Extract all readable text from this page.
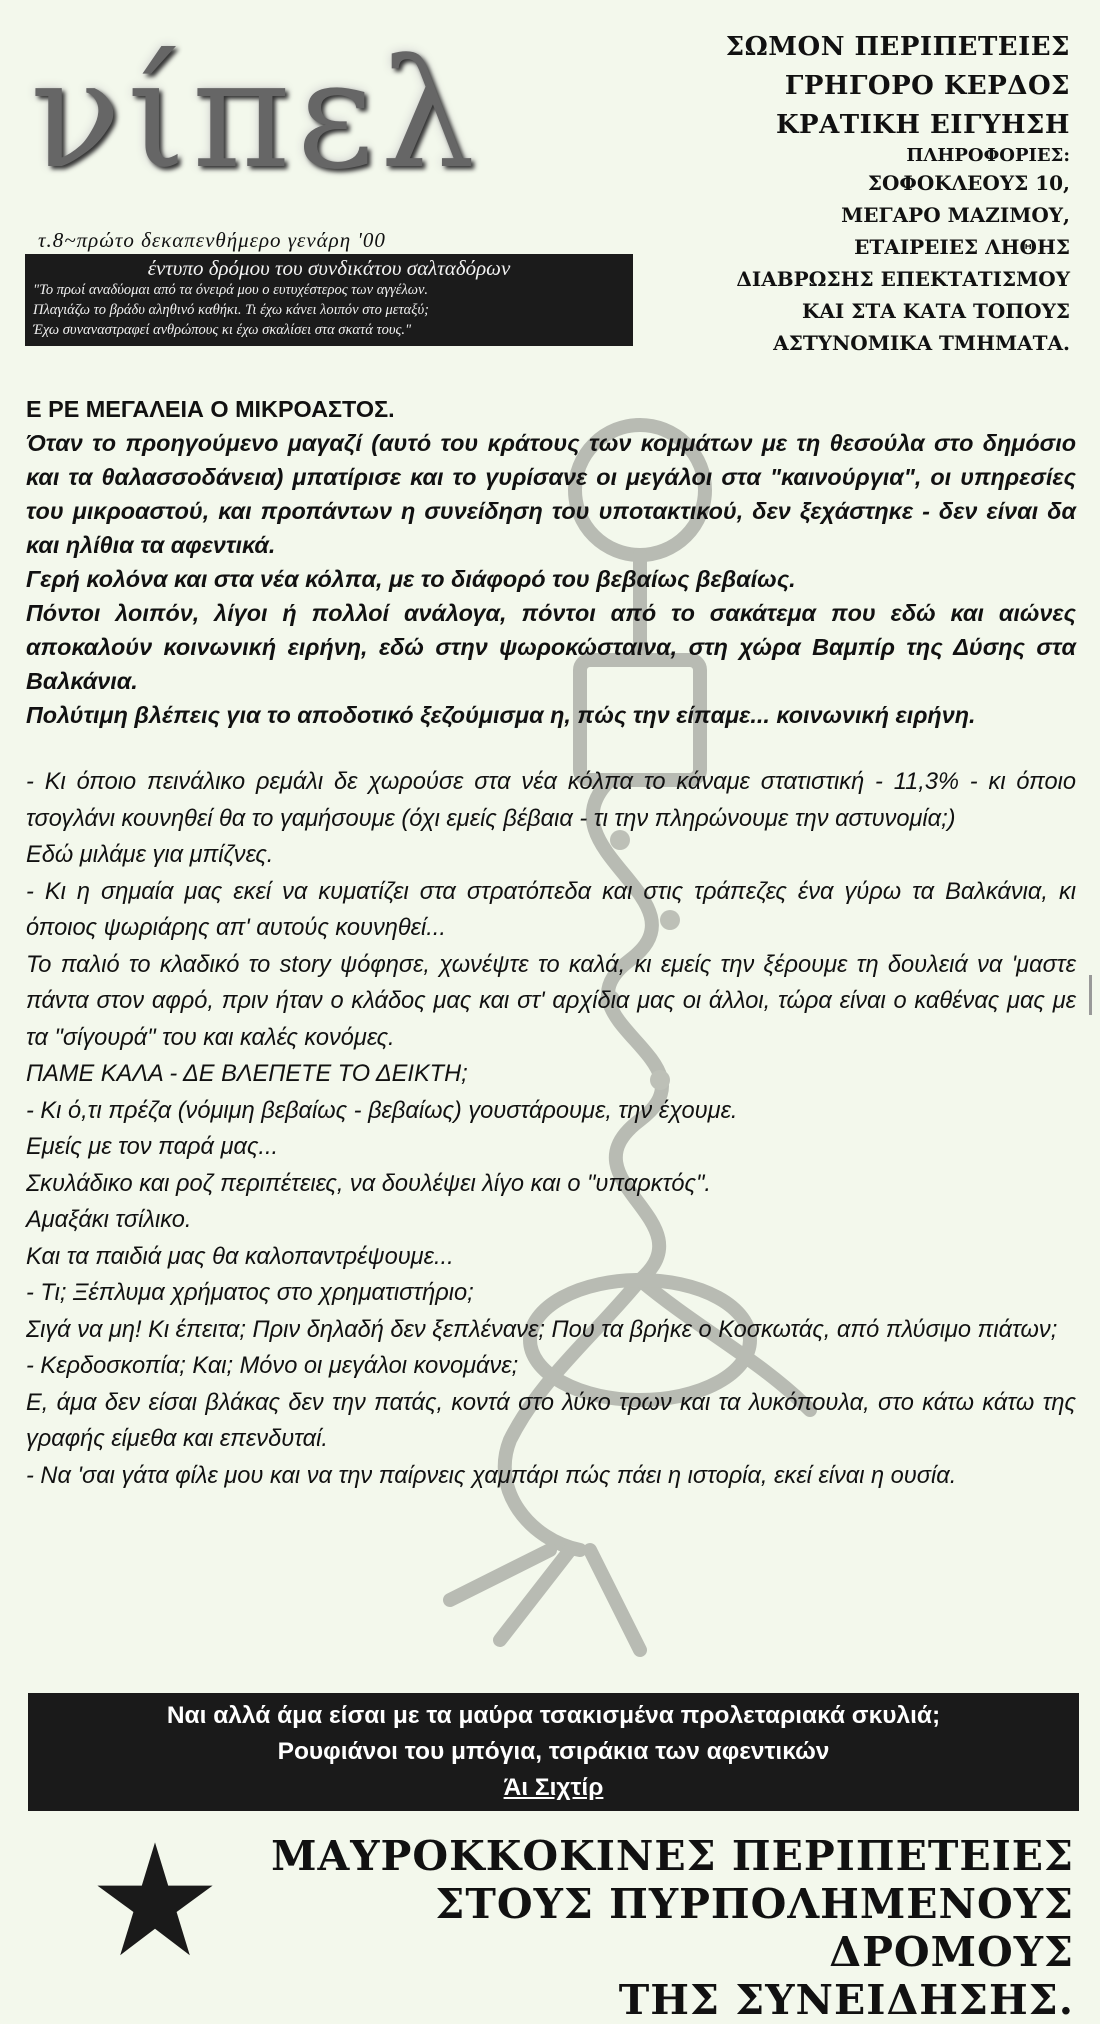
νίπελ
τ.8~πρώτο δεκαπενθήμερο γενάρη '00
έντυπο δρόμου του συνδικάτου σαλταδόρων
"Το πρωί αναδύομαι από τα όνειρά μου ο ευτυχέστερος των αγγέλων.
Πλαγιάζω το βράδυ αληθινό καθήκι. Τι έχω κάνει λοιπόν στο μεταξύ;
Έχω συναναστραφεί ανθρώπους κι έχω σκαλίσει στα σκατά τους."
ΣΩΜΟΝ ΠΕΡΙΠΕΤΕΙΕΣ
ΓΡΗΓΟΡΟ ΚΕΡΔΟΣ
ΚΡΑΤΙΚΗ ΕΙΓΥΗΣΗ
ΠΛΗΡΟΦΟΡΙΕΣ:
ΣΟΦΟΚΛΕΟΥΣ 10,
ΜΕΓΑΡΟ ΜΑΖΙΜΟΥ,
ΕΤΑΙΡΕΙΕΣ ΛΗΘΗΣ
ΔΙΑΒΡΩΣΗΣ ΕΠΕΚΤΑΤΙΣΜΟΥ
ΚΑΙ ΣΤΑ ΚΑΤΑ ΤΟΠΟΥΣ
ΑΣΤΥΝΟΜΙΚΑ ΤΜΗΜΑΤΑ.

Ε ΡΕ ΜΕΓΑΛΕΙΑ Ο ΜΙΚΡΟΑΣΤΟΣ.

Όταν το προηγούμενο μαγαζί (αυτό του κράτους των κομμάτων με τη θεσούλα στο δημόσιο και τα θαλασσοδάνεια) μπατίρισε και το γυρίσανε οι μεγάλοι στα "καινούργια", οι υπηρεσίες του μικροαστού, και προπάντων η συνείδηση του υποτακτικού, δεν ξεχάστηκε - δεν είναι δα και ηλίθια τα αφεντικά.

Γερή κολόνα και στα νέα κόλπα, με το διάφορό του βεβαίως βεβαίως.

Πόντοι λοιπόν, λίγοι ή πολλοί ανάλογα, πόντοι από το σακάτεμα που εδώ και αιώνες αποκαλούν κοινωνική ειρήνη, εδώ στην ψωροκώσταινα, στη χώρα Βαμπίρ της Δύσης στα Βαλκάνια.

Πολύτιμη βλέπεις για το αποδοτικό ξεζούμισμα η, πώς την είπαμε... κοινωνική ειρήνη.

- Κι όποιο πεινάλικο ρεμάλι δε χωρούσε στα νέα κόλπα το κάναμε στατιστική - 11,3% - κι όποιο τσογλάνι κουνηθεί θα το γαμήσουμε (όχι εμείς βέβαια - τι την πληρώνουμε την αστυνομία;)

Εδώ μιλάμε για μπίζνες.

- Κι η σημαία μας εκεί να κυματίζει στα στρατόπεδα και στις τράπεζες ένα γύρω τα Βαλκάνια, κι όποιος ψωριάρης απ' αυτούς κουνηθεί...

Το παλιό το κλαδικό το story ψόφησε, χωνέψτε το καλά, κι εμείς την ξέρουμε τη δουλειά να 'μαστε πάντα στον αφρό, πριν ήταν ο κλάδος μας και στ' αρχίδια μας οι άλλοι, τώρα είναι ο καθένας μας με τα "σίγουρά" του και καλές κονόμες.

ΠΑΜΕ ΚΑΛΑ - ΔΕ ΒΛΕΠΕΤΕ ΤΟ ΔΕΙΚΤΗ;

- Κι ό,τι πρέζα (νόμιμη βεβαίως - βεβαίως) γουστάρουμε, την έχουμε.

Εμείς με τον παρά μας...

Σκυλάδικο και ροζ περιπέτειες, να δουλέψει λίγο και ο "υπαρκτός".

Αμαξάκι τσίλικο.

Και τα παιδιά μας θα καλοπαντρέψουμε...

- Τι; Ξέπλυμα χρήματος στο χρηματιστήριο;

Σιγά να μη! Κι έπειτα; Πριν δηλαδή δεν ξεπλένανε; Που τα βρήκε ο Κοσκωτάς, από πλύσιμο πιάτων;

- Κερδοσκοπία; Και; Μόνο οι μεγάλοι κονομάνε;

Ε, άμα δεν είσαι βλάκας δεν την πατάς, κοντά στο λύκο τρων και τα λυκόπουλα, στο κάτω κάτω της γραφής είμεθα και επενδυταί.

- Να 'σαι γάτα φίλε μου και να την παίρνεις χαμπάρι πώς πάει η ιστορία, εκεί είναι η ουσία.

Ναι αλλά άμα είσαι με τα μαύρα τσακισμένα προλεταριακά σκυλιά;
Ρουφιάνοι του μπόγια, τσιράκια των αφεντικών
Άι Σιχτίρ
ΜΑΥΡΟΚΚΟΚΙΝΕΣ ΠΕΡΙΠΕΤΕΙΕΣ
ΣΤΟΥΣ ΠΥΡΠΟΛΗΜΕΝΟΥΣ ΔΡΟΜΟΥΣ
ΤΗΣ ΣΥΝΕΙΔΗΣΗΣ.
